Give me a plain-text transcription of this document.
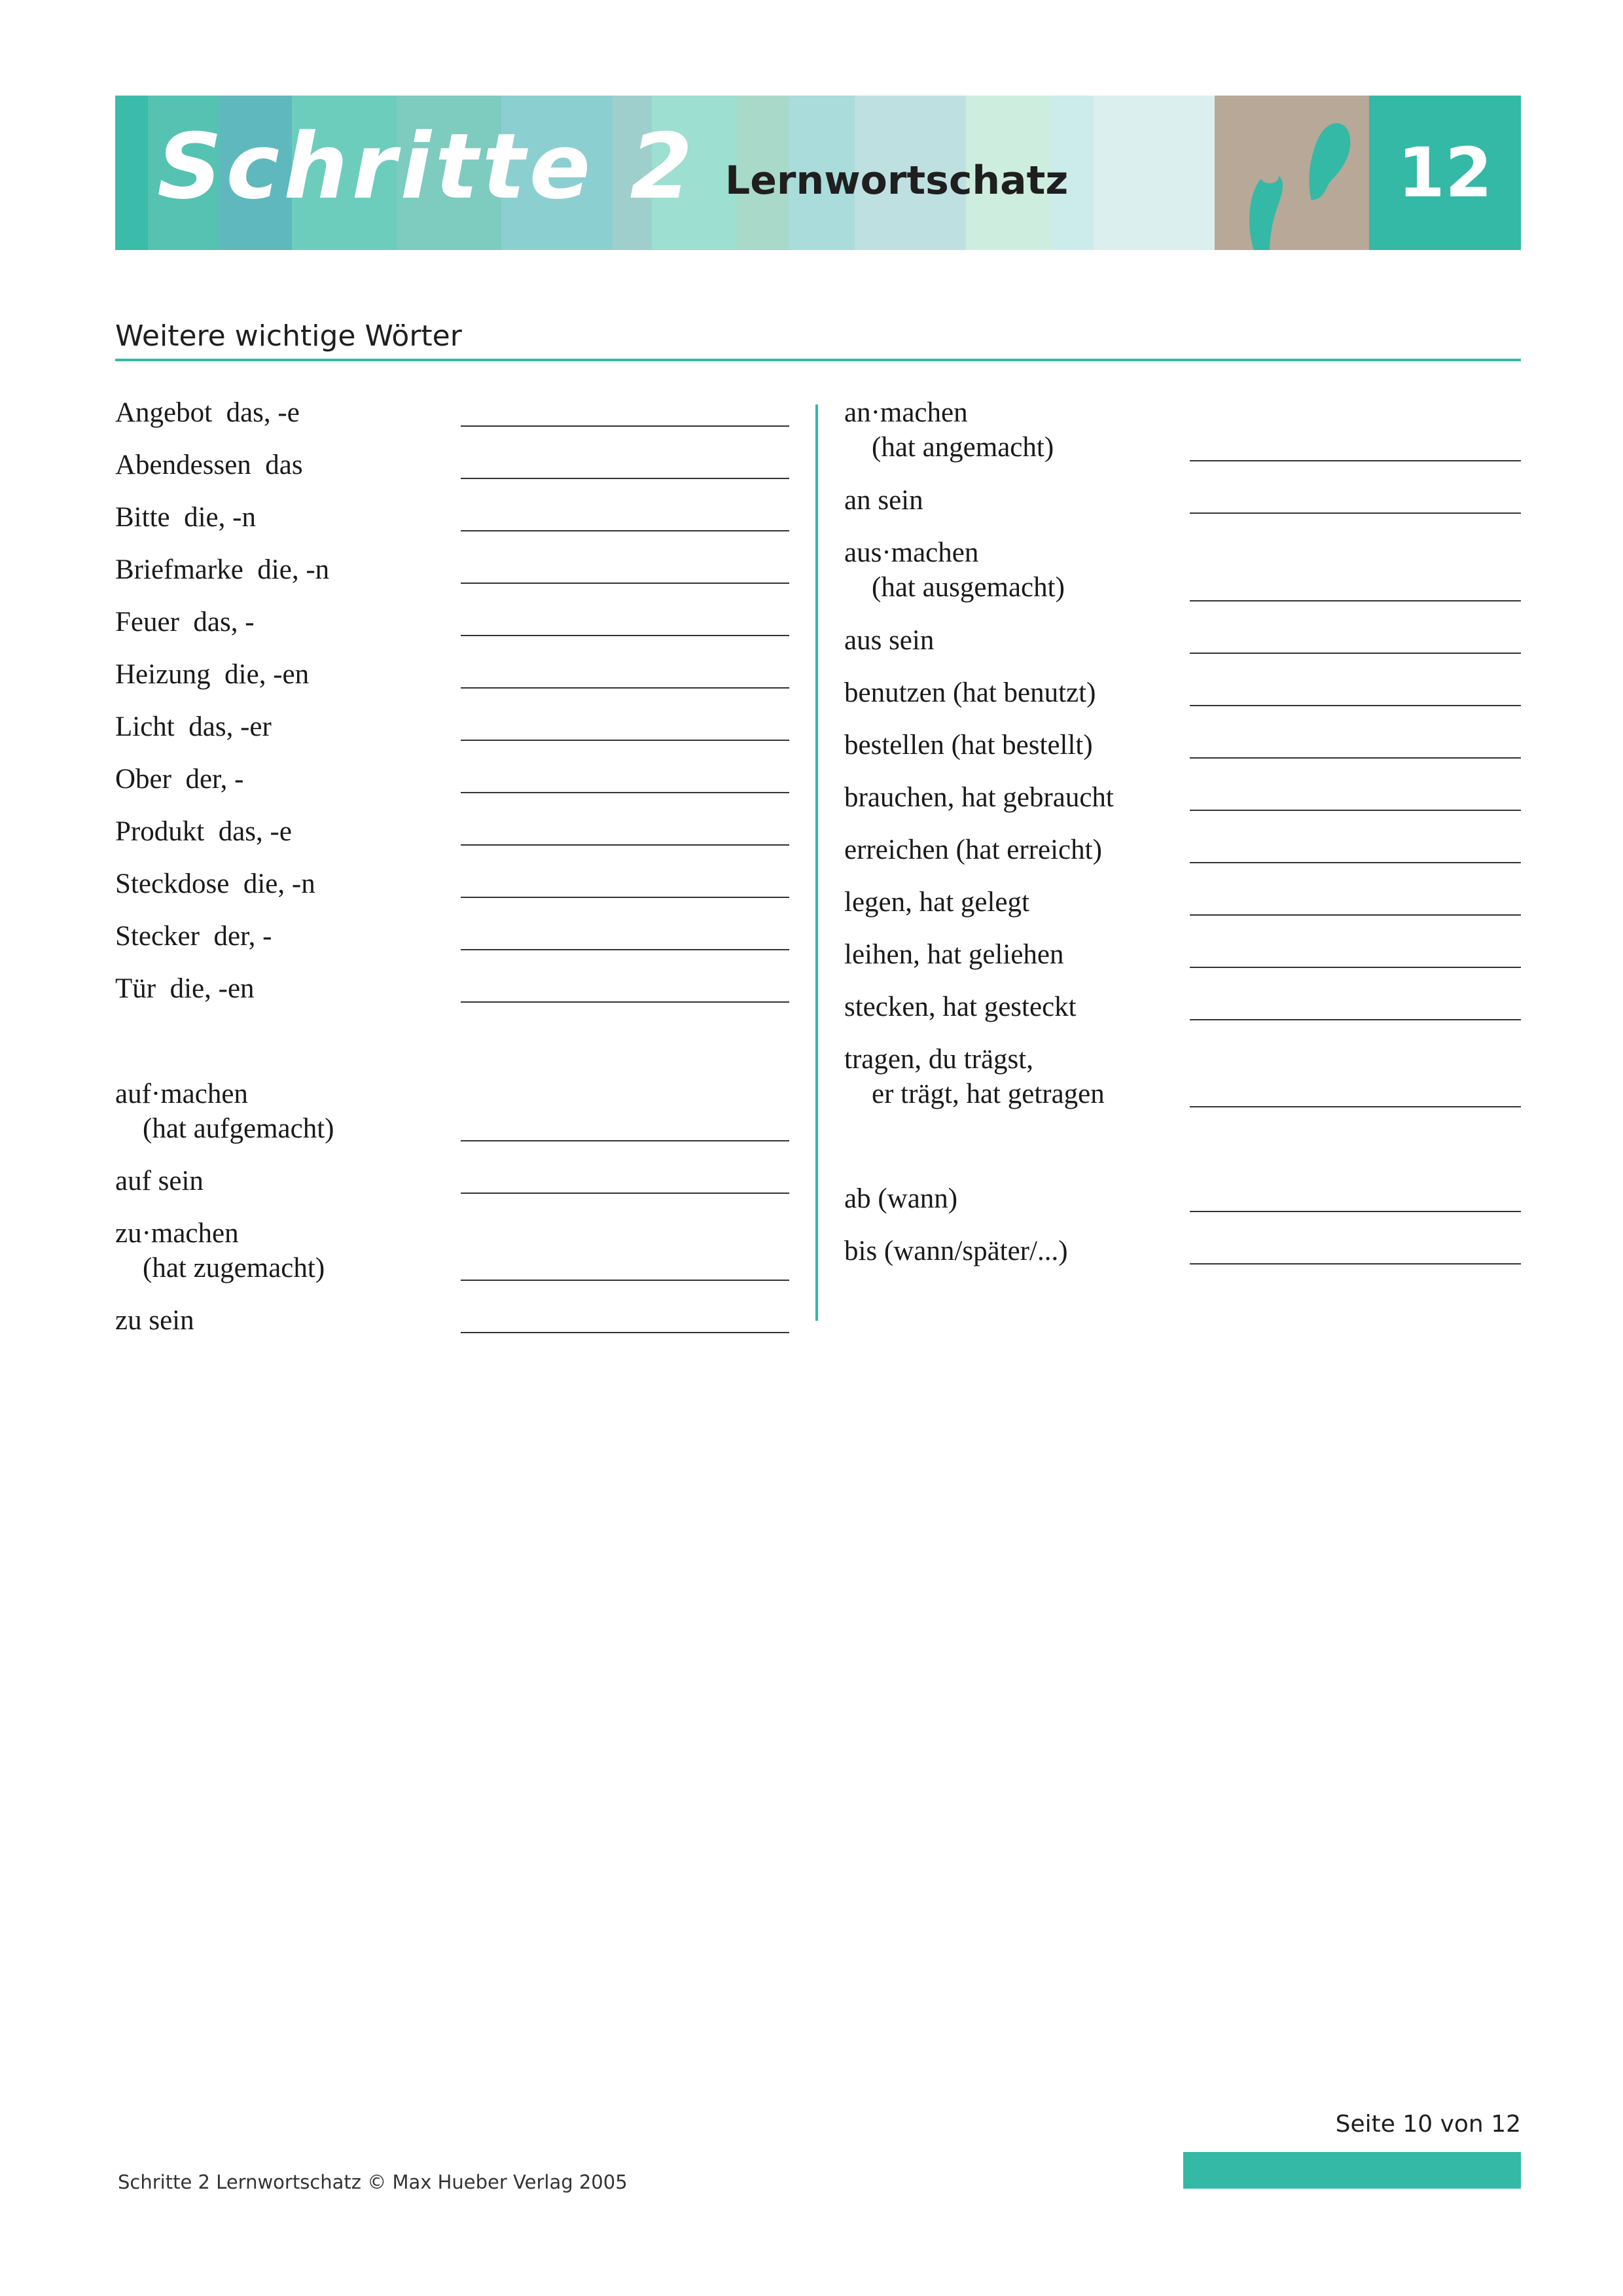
Schritte 2 Lernwortschatz	12
Weitere wichtige Wörter
Angebot das, -e
Abendessen das
Bitte die, -n
Briefmarke die, -n
Feuer das, -
Heizung die, -en
Licht das, -er
Ober der, -
Produkt das, -e
Steckdose die, -n
Stecker der, -
Tür die, -en
auf·machen
(hat aufgemacht)
auf sein
zu·machen
(hat zugemacht)
zu sein
an·machen
(hat angemacht)
an sein
aus·machen
(hat ausgemacht)
aus sein
benutzen (hat benutzt)
bestellen (hat bestellt)
brauchen, hat gebraucht
erreichen (hat erreicht)
legen, hat gelegt
leihen, hat geliehen
stecken, hat gesteckt
tragen, du trägst,
er trägt, hat getragen
ab (wann)
bis (wann/später/...)
Seite 10 von 12
Schritte 2 Lernwortschatz © Max Hueber Verlag 2005
